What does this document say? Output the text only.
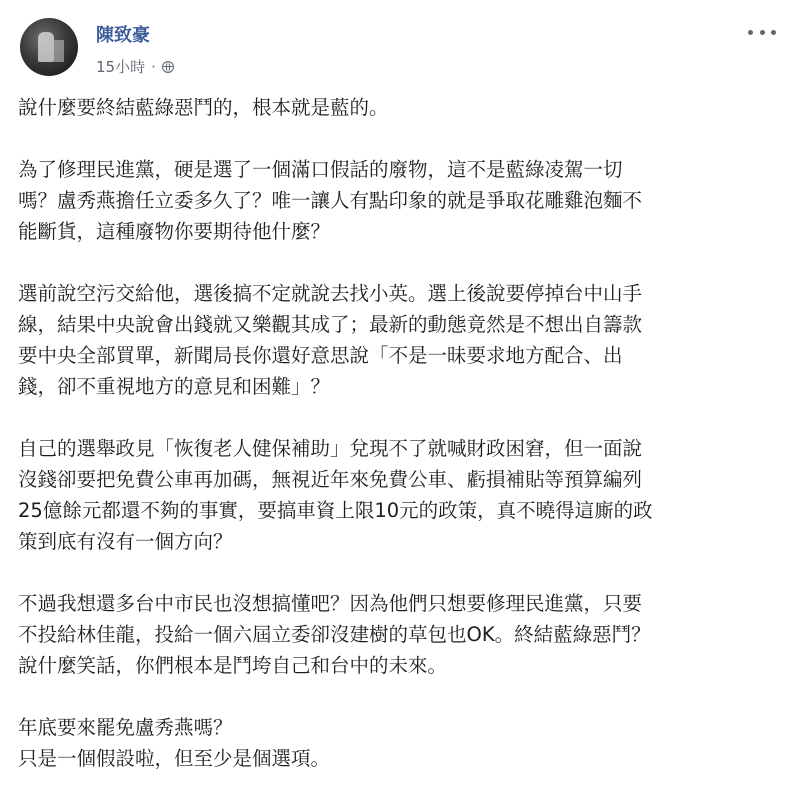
陳致豪
15小時 ·
說什麼要終結藍綠惡鬥的，根本就是藍的。
為了修理民進黨，硬是選了一個滿口假話的廢物，這不是藍綠凌駕一切
嗎？盧秀燕擔任立委多久了？唯一讓人有點印象的就是爭取花雕雞泡麵不
能斷貨，這種廢物你要期待他什麼？
選前說空污交給他，選後搞不定就說去找小英。選上後說要停掉台中山手
線，結果中央說會出錢就又樂觀其成了；最新的動態竟然是不想出自籌款
要中央全部買單，新聞局長你還好意思說「不是一昧要求地方配合、出
錢，卻不重視地方的意見和困難」？
自己的選舉政見「恢復老人健保補助」兌現不了就喊財政困窘，但一面說
沒錢卻要把免費公車再加碼，無視近年來免費公車、虧損補貼等預算編列
25億餘元都還不夠的事實，要搞車資上限10元的政策，真不曉得這廝的政
策到底有沒有一個方向？
不過我想還多台中市民也沒想搞懂吧？因為他們只想要修理民進黨，只要
不投給林佳龍，投給一個六屆立委卻沒建樹的草包也OK。終結藍綠惡鬥？
說什麼笑話，你們根本是鬥垮自己和台中的未來。
年底要來罷免盧秀燕嗎？
只是一個假設啦，但至少是個選項。
